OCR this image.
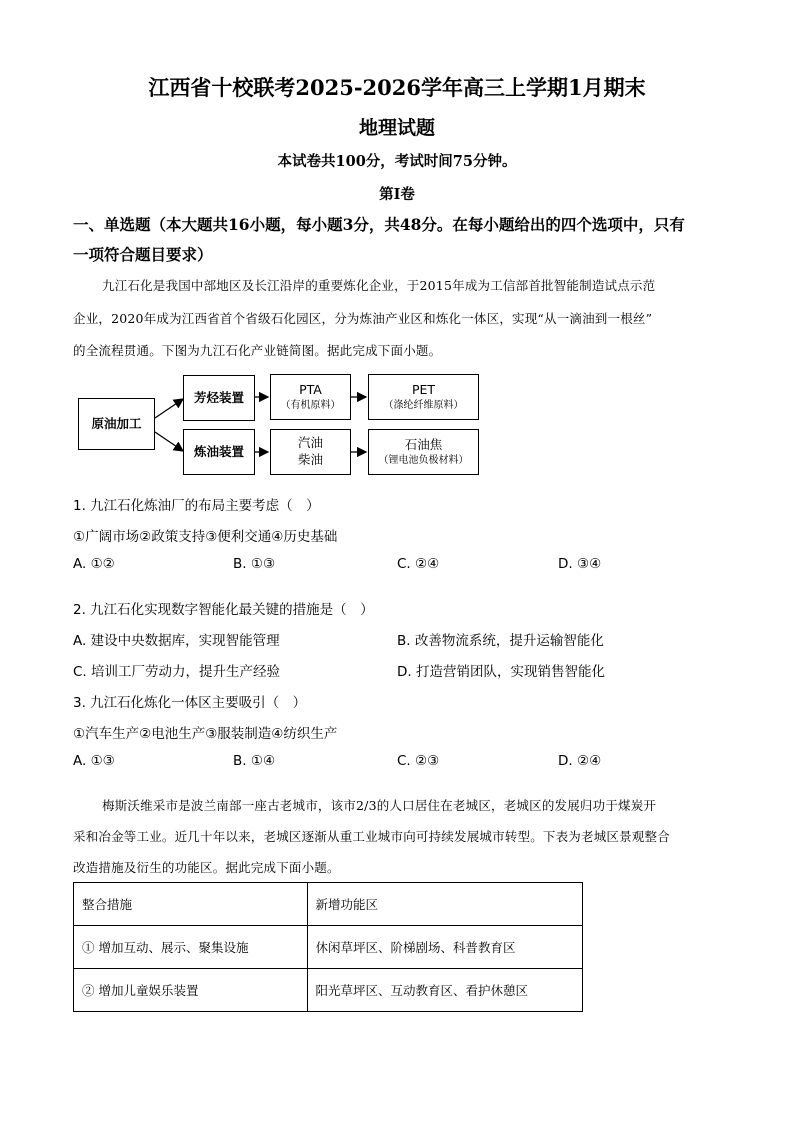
江西省十校联考2025-2026学年高三上学期1月期末
地理试题
本试卷共100分，考试时间75分钟。
第I卷
一、单选题（本大题共16小题，每小题3分，共48分。在每小题给出的四个选项中，只有
一项符合题目要求）
九江石化是我国中部地区及长江沿岸的重要炼化企业，于2015年成为工信部首批智能制造试点示范
企业，2020年成为江西省首个省级石化园区，分为炼油产业区和炼化一体区，实现“从一滴油到一根丝”
的全流程贯通。下图为九江石化产业链简图。据此完成下面小题。
原油加工
芳烃装置
炼油装置
PTA
（有机原料）
PET
（涤纶纤维原料）
汽油
柴油
石油焦
（锂电池负极材料）
1. 九江石化炼油厂的布局主要考虑（　）
①广阔市场②政策支持③便利交通④历史基础
A. ①②	B. ①③	C. ②④	D. ③④
2. 九江石化实现数字智能化最关键的措施是（　）
A. 建设中央数据库，实现智能管理	B. 改善物流系统，提升运输智能化
C. 培训工厂劳动力，提升生产经验	D. 打造营销团队，实现销售智能化
3. 九江石化炼化一体区主要吸引（　）
①汽车生产②电池生产③服装制造④纺织生产
A. ①③	B. ①④	C. ②③	D. ②④
梅斯沃维采市是波兰南部一座古老城市，该市2/3的人口居住在老城区，老城区的发展归功于煤炭开
采和冶金等工业。近几十年以来，老城区逐渐从重工业城市向可持续发展城市转型。下表为老城区景观整合
改造措施及衍生的功能区。据此完成下面小题。
整合措施	新增功能区
① 增加互动、展示、聚集设施	休闲草坪区、阶梯剧场、科普教育区
② 增加儿童娱乐装置	阳光草坪区、互动教育区、看护休憩区
